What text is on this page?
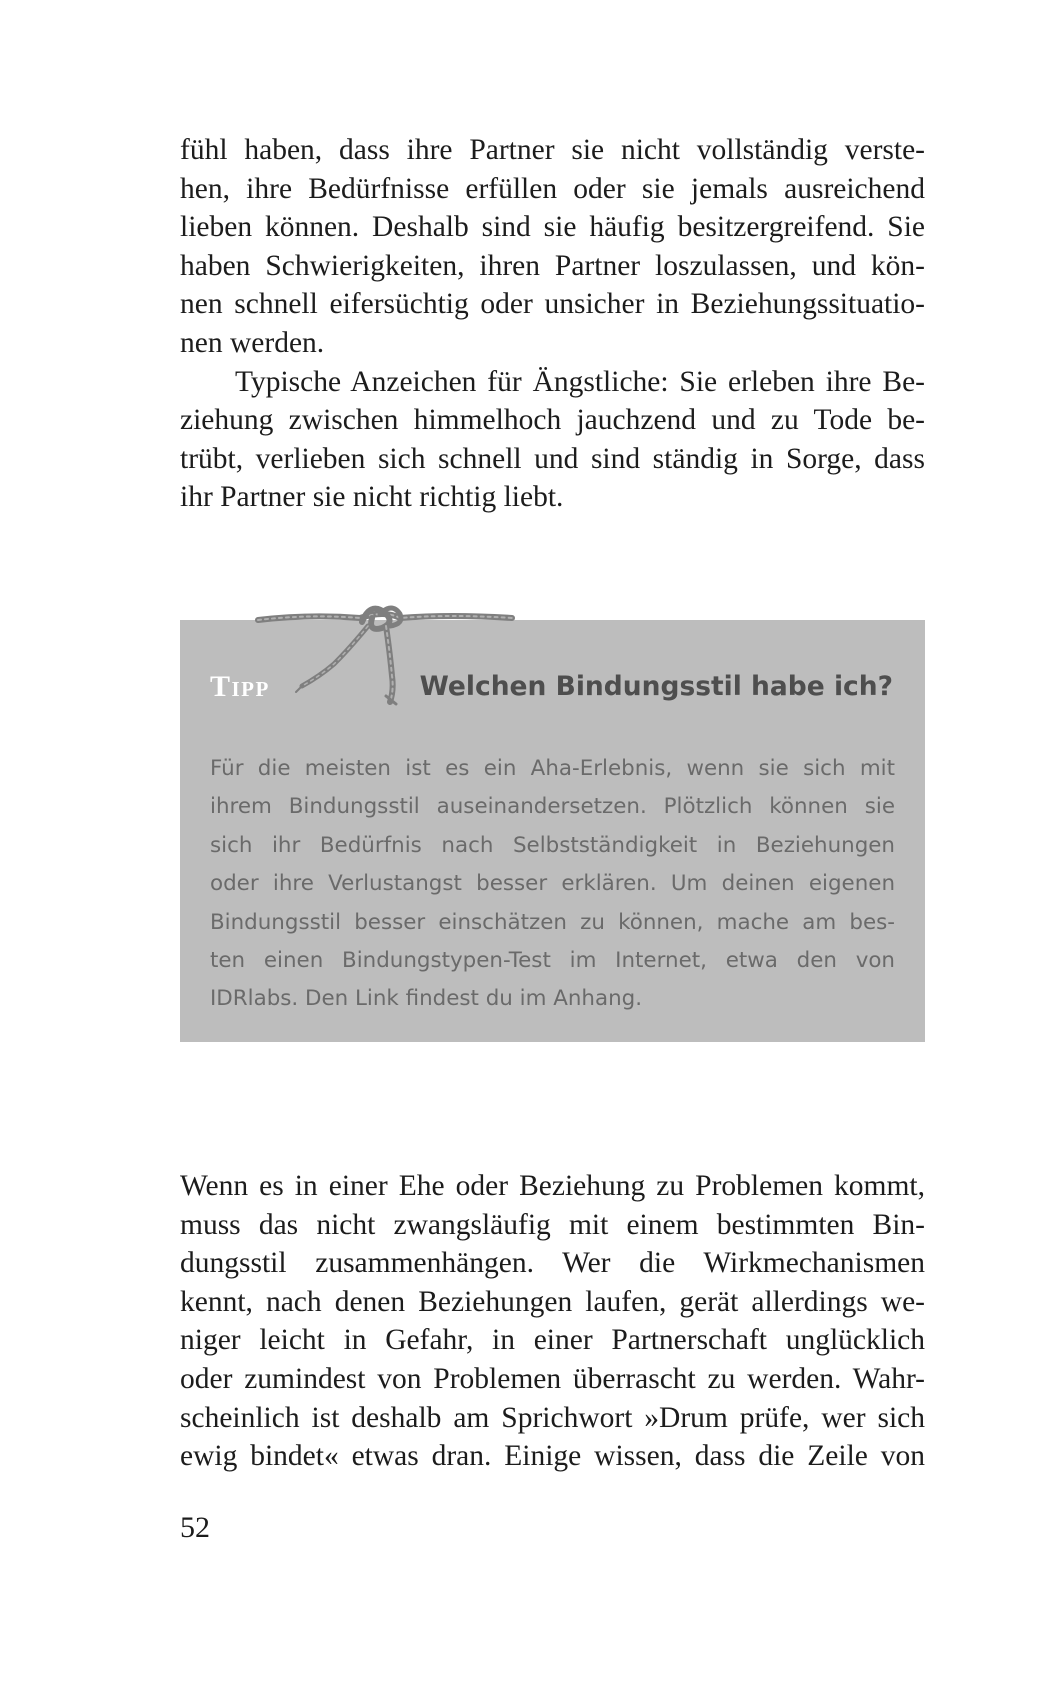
fühl haben, dass ihre Partner sie nicht vollständig verste-
hen, ihre Bedürfnisse erfüllen oder sie jemals ausreichend
lieben können. Deshalb sind sie häufig besitzergreifend. Sie
haben Schwierigkeiten, ihren Partner loszulassen, und kön-
nen schnell eifersüchtig oder unsicher in Beziehungssituatio-
nen werden.
Typische Anzeichen für Ängstliche: Sie erleben ihre Be-
ziehung zwischen himmelhoch jauchzend und zu Tode be-
trübt, verlieben sich schnell und sind ständig in Sorge, dass
ihr Partner sie nicht richtig liebt.
Tipp	Welchen Bindungsstil habe ich?
Für die meisten ist es ein Aha-Erlebnis, wenn sie sich mit
ihrem Bindungsstil auseinandersetzen. Plötzlich können sie
sich ihr Bedürfnis nach Selbstständigkeit in Beziehungen
oder ihre Verlustangst besser erklären. Um deinen eigenen
Bindungsstil besser einschätzen zu können, mache am bes-
ten einen Bindungstypen-Test im Internet, etwa den von
IDRlabs. Den Link findest du im Anhang.
Wenn es in einer Ehe oder Beziehung zu Problemen kommt,
muss das nicht zwangsläufig mit einem bestimmten Bin-
dungsstil zusammenhängen. Wer die Wirkmechanismen
kennt, nach denen Beziehungen laufen, gerät allerdings we-
niger leicht in Gefahr, in einer Partnerschaft unglücklich
oder zumindest von Problemen überrascht zu werden. Wahr-
scheinlich ist deshalb am Sprichwort »Drum prüfe, wer sich
ewig bindet« etwas dran. Einige wissen, dass die Zeile von
52
